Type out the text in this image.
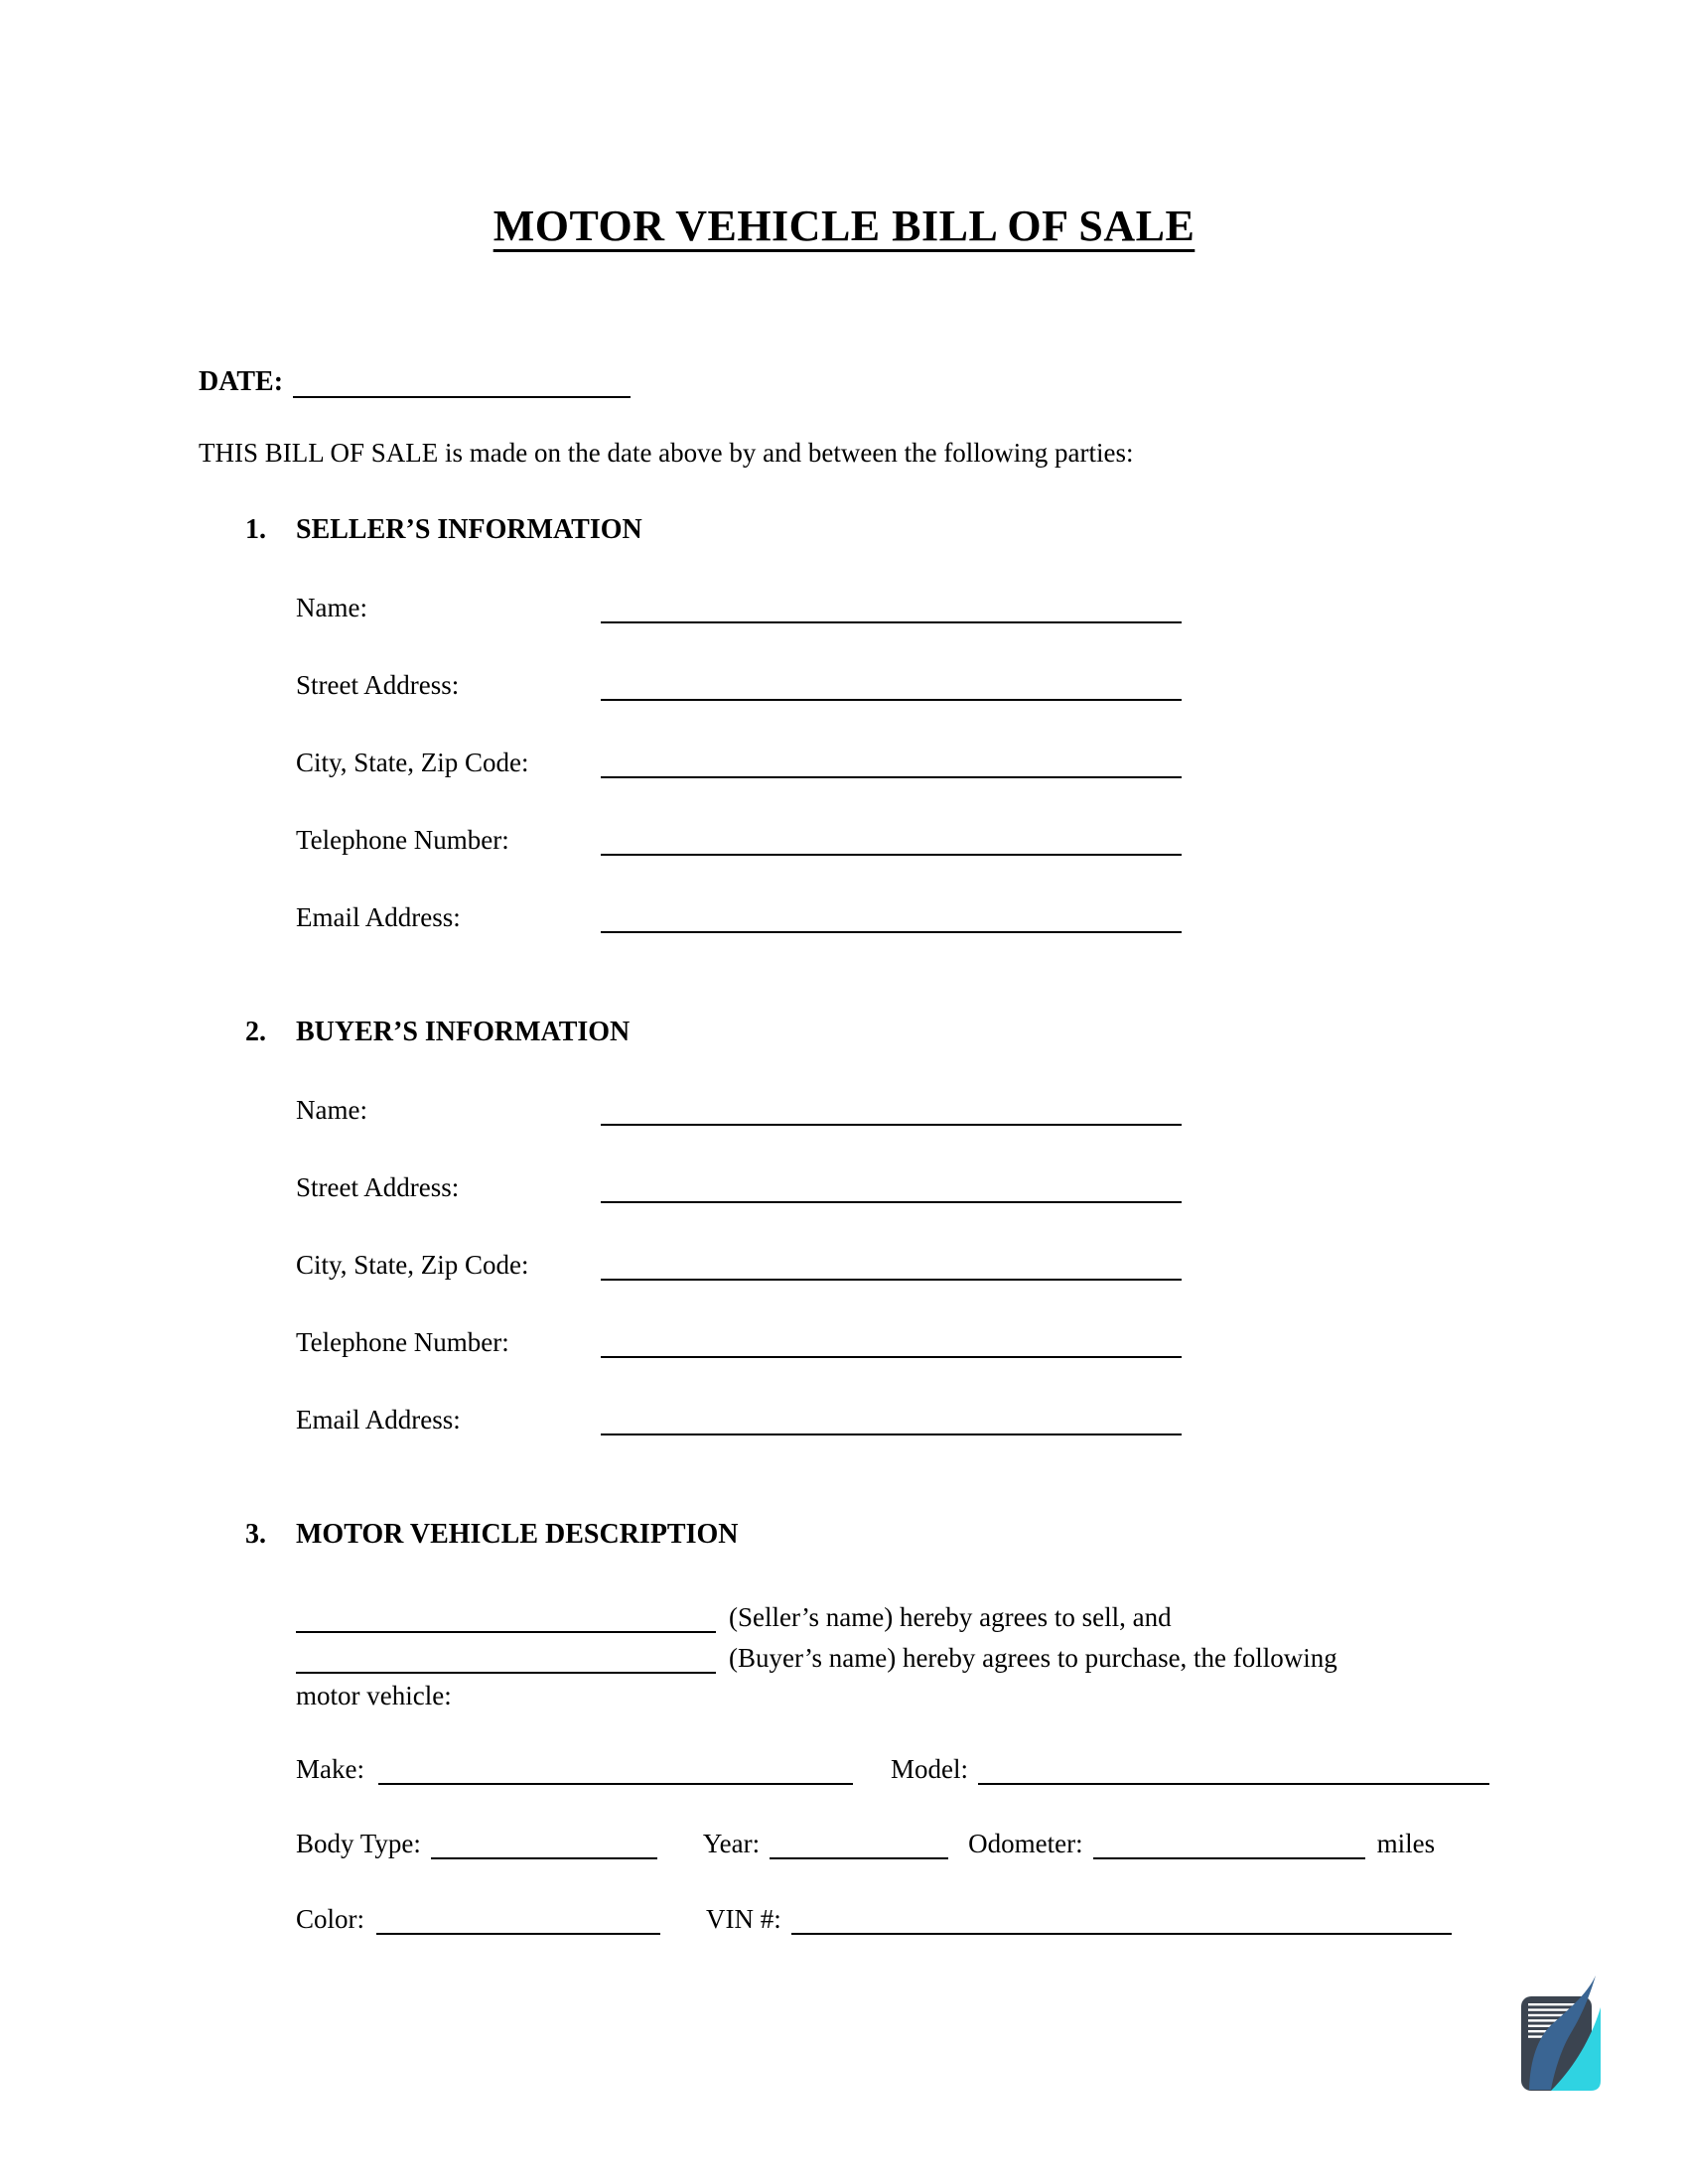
MOTOR VEHICLE BILL OF SALE
DATE:

THIS BILL OF SALE is made on the date above by and between the following parties:

1.	SELLER’S INFORMATION
Name:
Street Address:
City, State, Zip Code:
Telephone Number:
Email Address:
2.	BUYER’S INFORMATION
Name:
Street Address:
City, State, Zip Code:
Telephone Number:
Email Address:
3.	MOTOR VEHICLE DESCRIPTION
(Seller’s name) hereby agrees to sell, and
(Buyer’s name) hereby agrees to purchase, the following
motor vehicle:
Make:	Model:
Body Type:	Year:	Odometer:	miles
Color:	VIN #:
